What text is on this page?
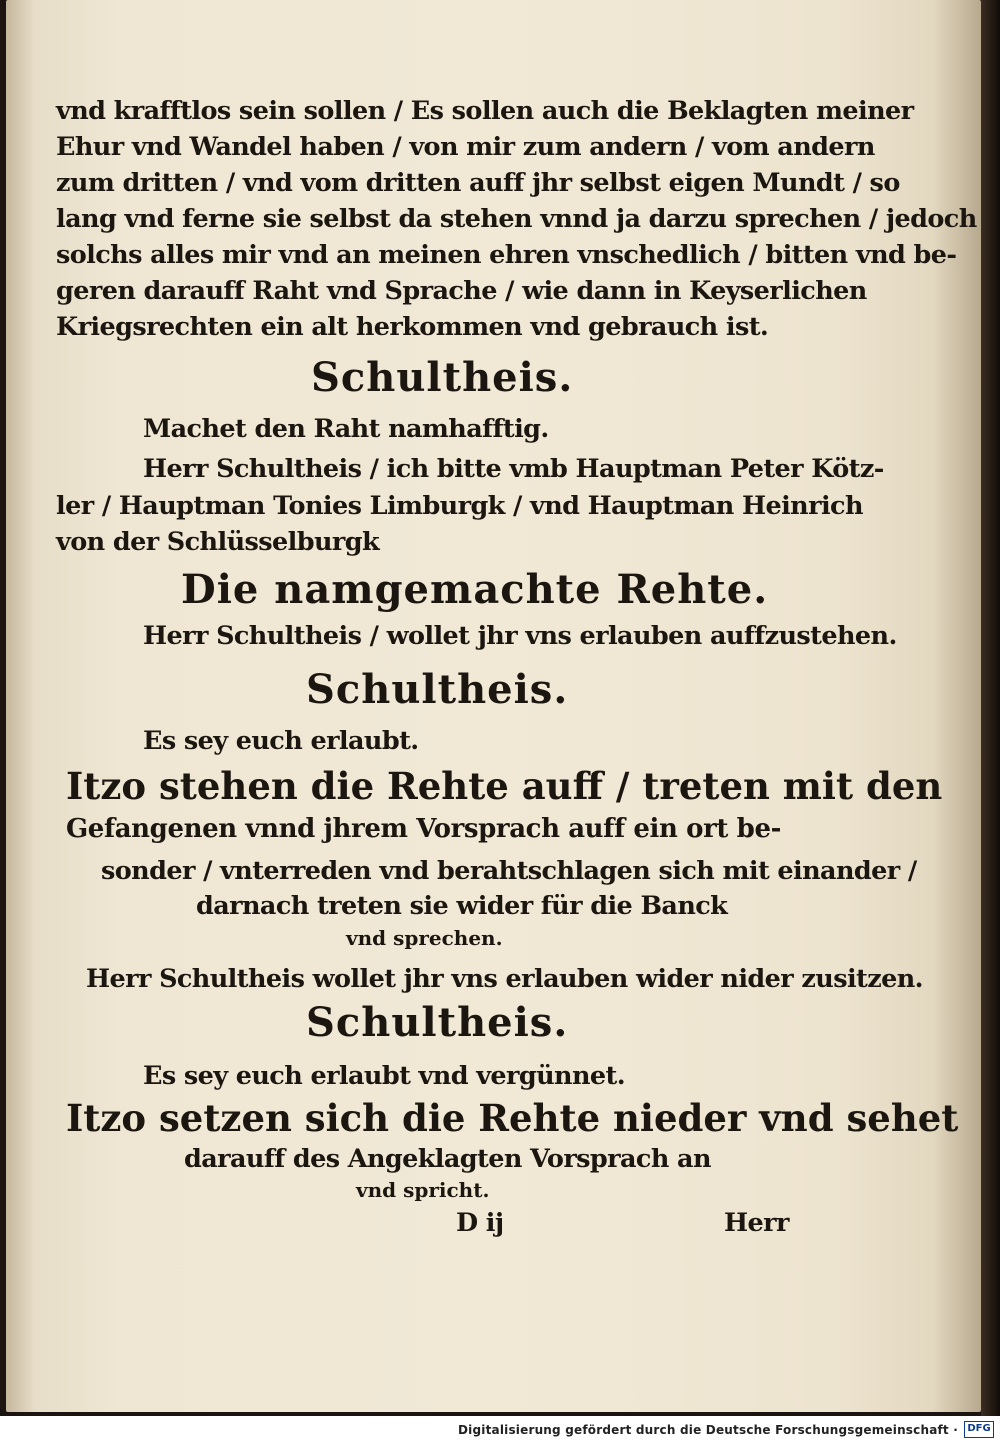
vnd krafftlos sein sollen / Es sollen auch die Beklagten meiner
Ehur vnd Wandel haben / von mir zum andern / vom andern
zum dritten / vnd vom dritten auff jhr selbst eigen Mundt / so
lang vnd ferne sie selbst da stehen vnnd ja darzu sprechen / jedoch
solchs alles mir vnd an meinen ehren vnschedlich / bitten vnd be-
geren darauff Raht vnd Sprache / wie dann in Keyserlichen
Kriegsrechten ein alt herkommen vnd gebrauch ist.
Schultheis.
Machet den Raht namhafftig.
Herr Schultheis / ich bitte vmb Hauptman Peter Kötz-
ler / Hauptman Tonies Limburgk / vnd Hauptman Heinrich
von der Schlüsselburgk
Die namgemachte Rehte.
Herr Schultheis / wollet jhr vns erlauben auffzustehen.
Schultheis.
Es sey euch erlaubt.
Itzo stehen die Rehte auff / treten mit den
Gefangenen vnnd jhrem Vorsprach auff ein ort be-
sonder / vnterreden vnd berahtschlagen sich mit einander /
darnach treten sie wider für die Banck
vnd sprechen.
Herr Schultheis wollet jhr vns erlauben wider nider zusitzen.
Schultheis.
Es sey euch erlaubt vnd vergünnet.
Itzo setzen sich die Rehte nieder vnd sehet
darauff des Angeklagten Vorsprach an
vnd spricht.
D ij	Herr
Digitalisierung gefördert durch die Deutsche Forschungsgemeinschaft · DFG
